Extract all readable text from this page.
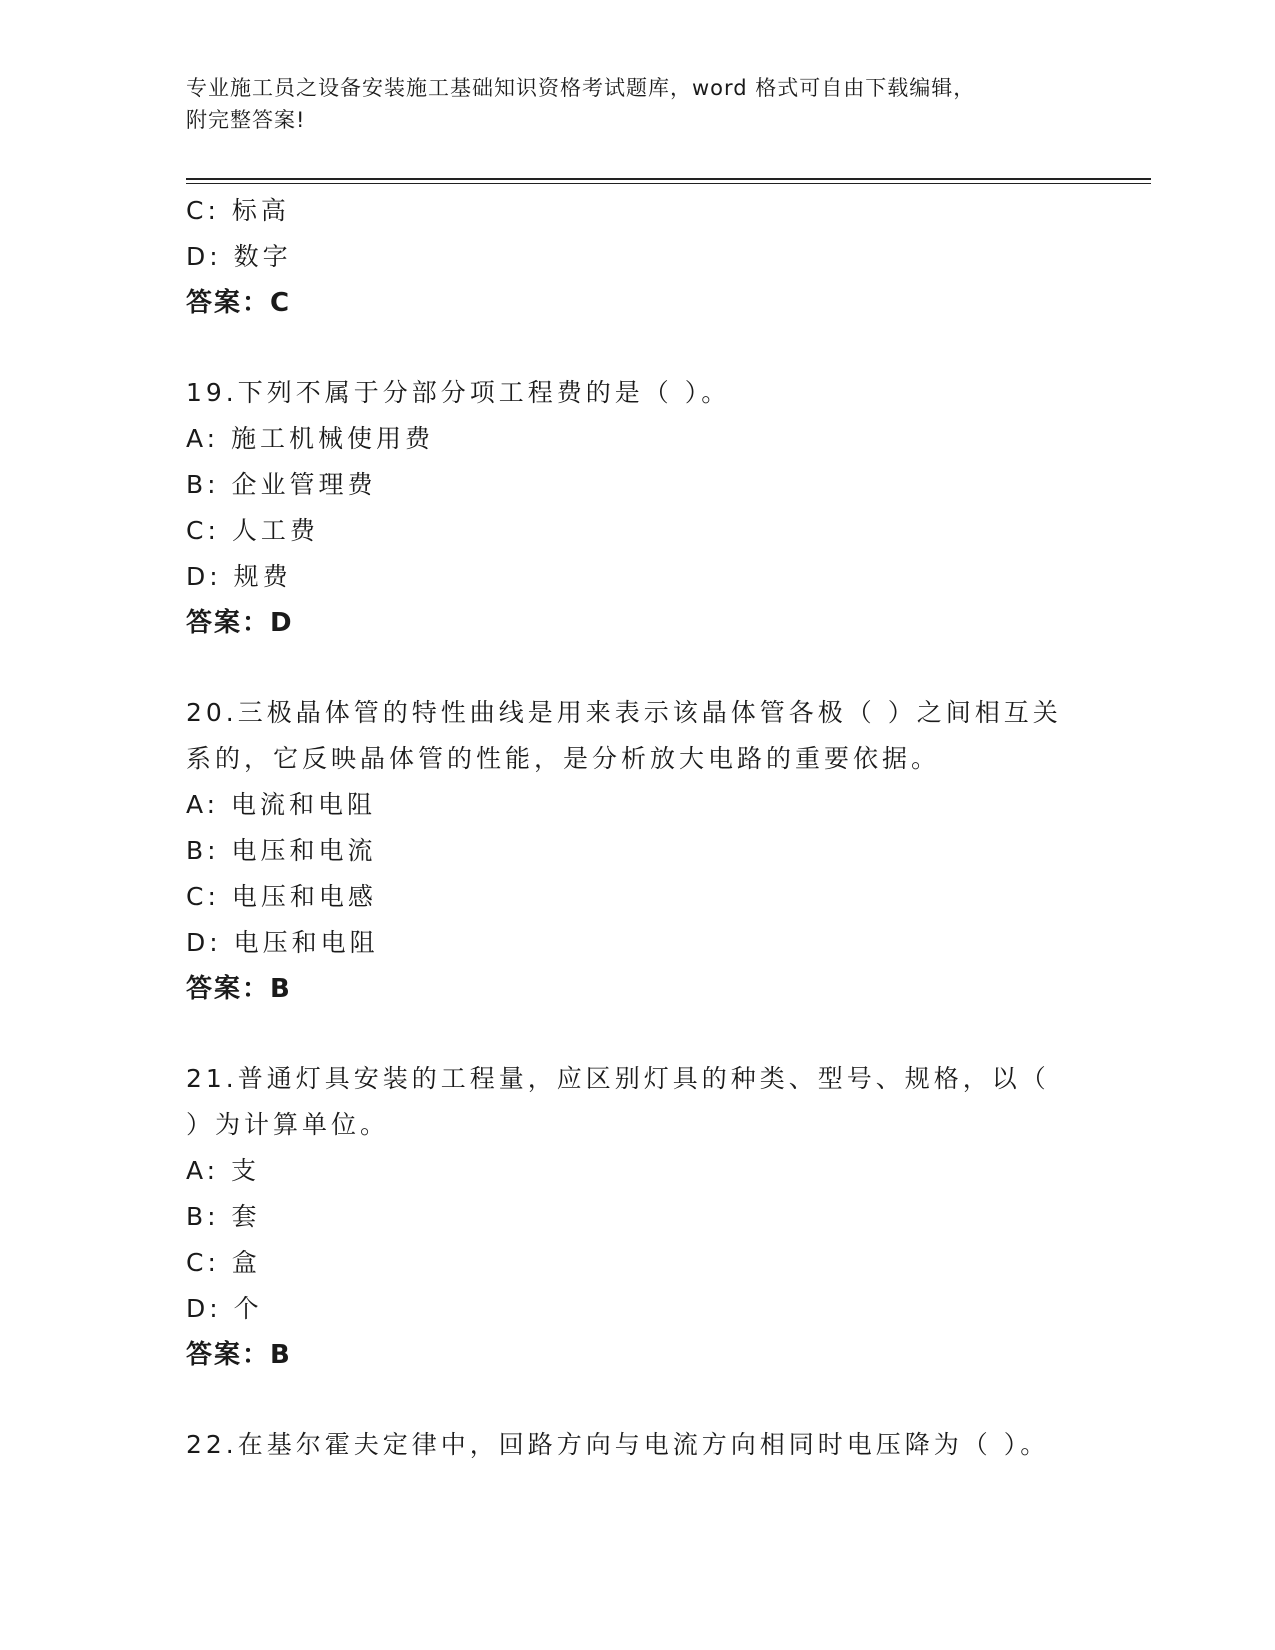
专业施工员之设备安装施工基础知识资格考试题库，word 格式可自由下载编辑，
附完整答案!
C: 标高
D: 数字
答案：C
19.下列不属于分部分项工程费的是（ ）。
A: 施工机械使用费
B: 企业管理费
C: 人工费
D: 规费
答案：D
20.三极晶体管的特性曲线是用来表示该晶体管各极（ ）之间相互关
系的，它反映晶体管的性能，是分析放大电路的重要依据。
A: 电流和电阻
B: 电压和电流
C: 电压和电感
D: 电压和电阻
答案：B
21.普通灯具安装的工程量，应区别灯具的种类、型号、规格，以（
）为计算单位。
A: 支
B: 套
C: 盒
D: 个
答案：B
22.在基尔霍夫定律中，回路方向与电流方向相同时电压降为（ ）。
